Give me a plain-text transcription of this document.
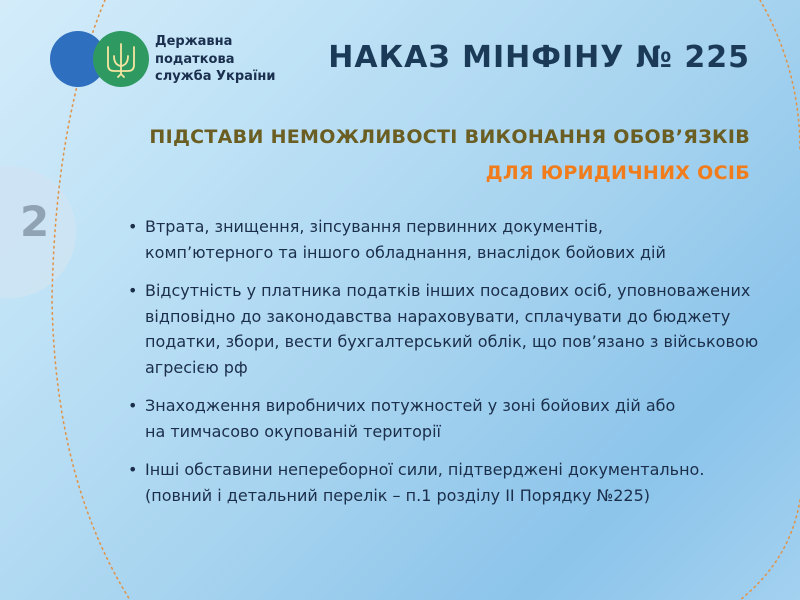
Державна
податкова
служба України
НАКАЗ МІНФІНУ № 225
ПІДСТАВИ НЕМОЖЛИВОСТІ ВИКОНАННЯ ОБОВ’ЯЗКІВ
ДЛЯ ЮРИДИЧНИХ ОСІБ
2
•	Втрата, знищення, зіпсування первинних документів,
комп’ютерного та іншого обладнання, внаслідок бойових дій
• Відсутність у платника податків інших посадових осіб, уповноважених
відповідно до законодавства нараховувати, сплачувати до бюджету
податки, збори, вести бухгалтерський облік, що пов’язано з військовою
агресією рф
• Знаходження виробничих потужностей у зоні бойових дій або
на тимчасово окупованій території
• Інші обставини непереборної сили, підтверджені документально.
(повний і детальний перелік – п.1 розділу II Порядку №225)
